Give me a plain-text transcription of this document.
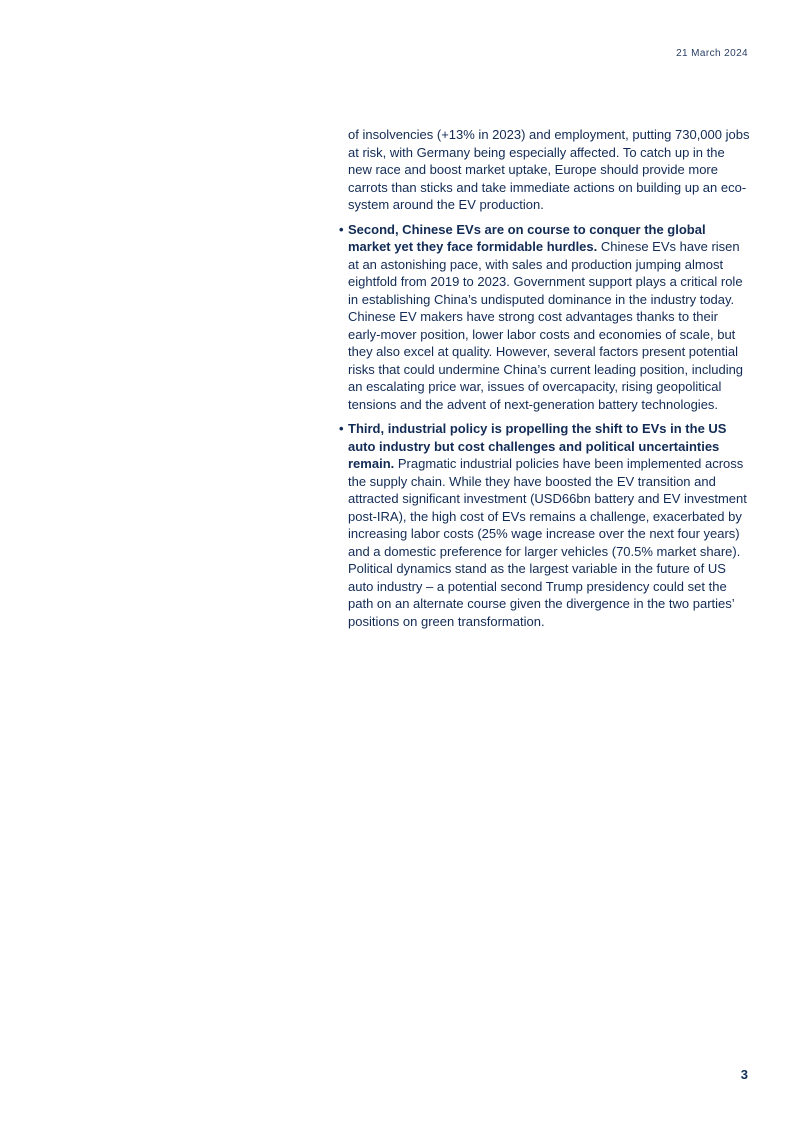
21 March 2024

of insolvencies (+13% in 2023) and employment, putting 730,000 jobs at risk, with Germany being especially affected. To catch up in the new race and boost market uptake, Europe should provide more carrots than sticks and take immediate actions on building up an eco-system around the EV production.

• Second, Chinese EVs are on course to conquer the global market yet they face formidable hurdles. Chinese EVs have risen at an astonishing pace, with sales and production jumping almost eightfold from 2019 to 2023. Government support plays a critical role in establishing China’s undisputed dominance in the industry today. Chinese EV makers have strong cost advantages thanks to their early-mover position, lower labor costs and economies of scale, but they also excel at quality. However, several factors present potential risks that could undermine China’s current leading position, including an escalating price war, issues of overcapacity, rising geopolitical tensions and the advent of next-generation battery technologies.
• Third, industrial policy is propelling the shift to EVs in the US auto industry but cost challenges and political uncertainties remain. Pragmatic industrial policies have been implemented across the supply chain. While they have boosted the EV transition and attracted significant investment (USD66bn battery and EV investment post-IRA), the high cost of EVs remains a challenge, exacerbated by increasing labor costs (25% wage increase over the next four years) and a domestic preference for larger vehicles (70.5% market share). Political dynamics stand as the largest variable in the future of US auto industry – a potential second Trump presidency could set the path on an alternate course given the divergence in the two parties’ positions on green transformation.
3
